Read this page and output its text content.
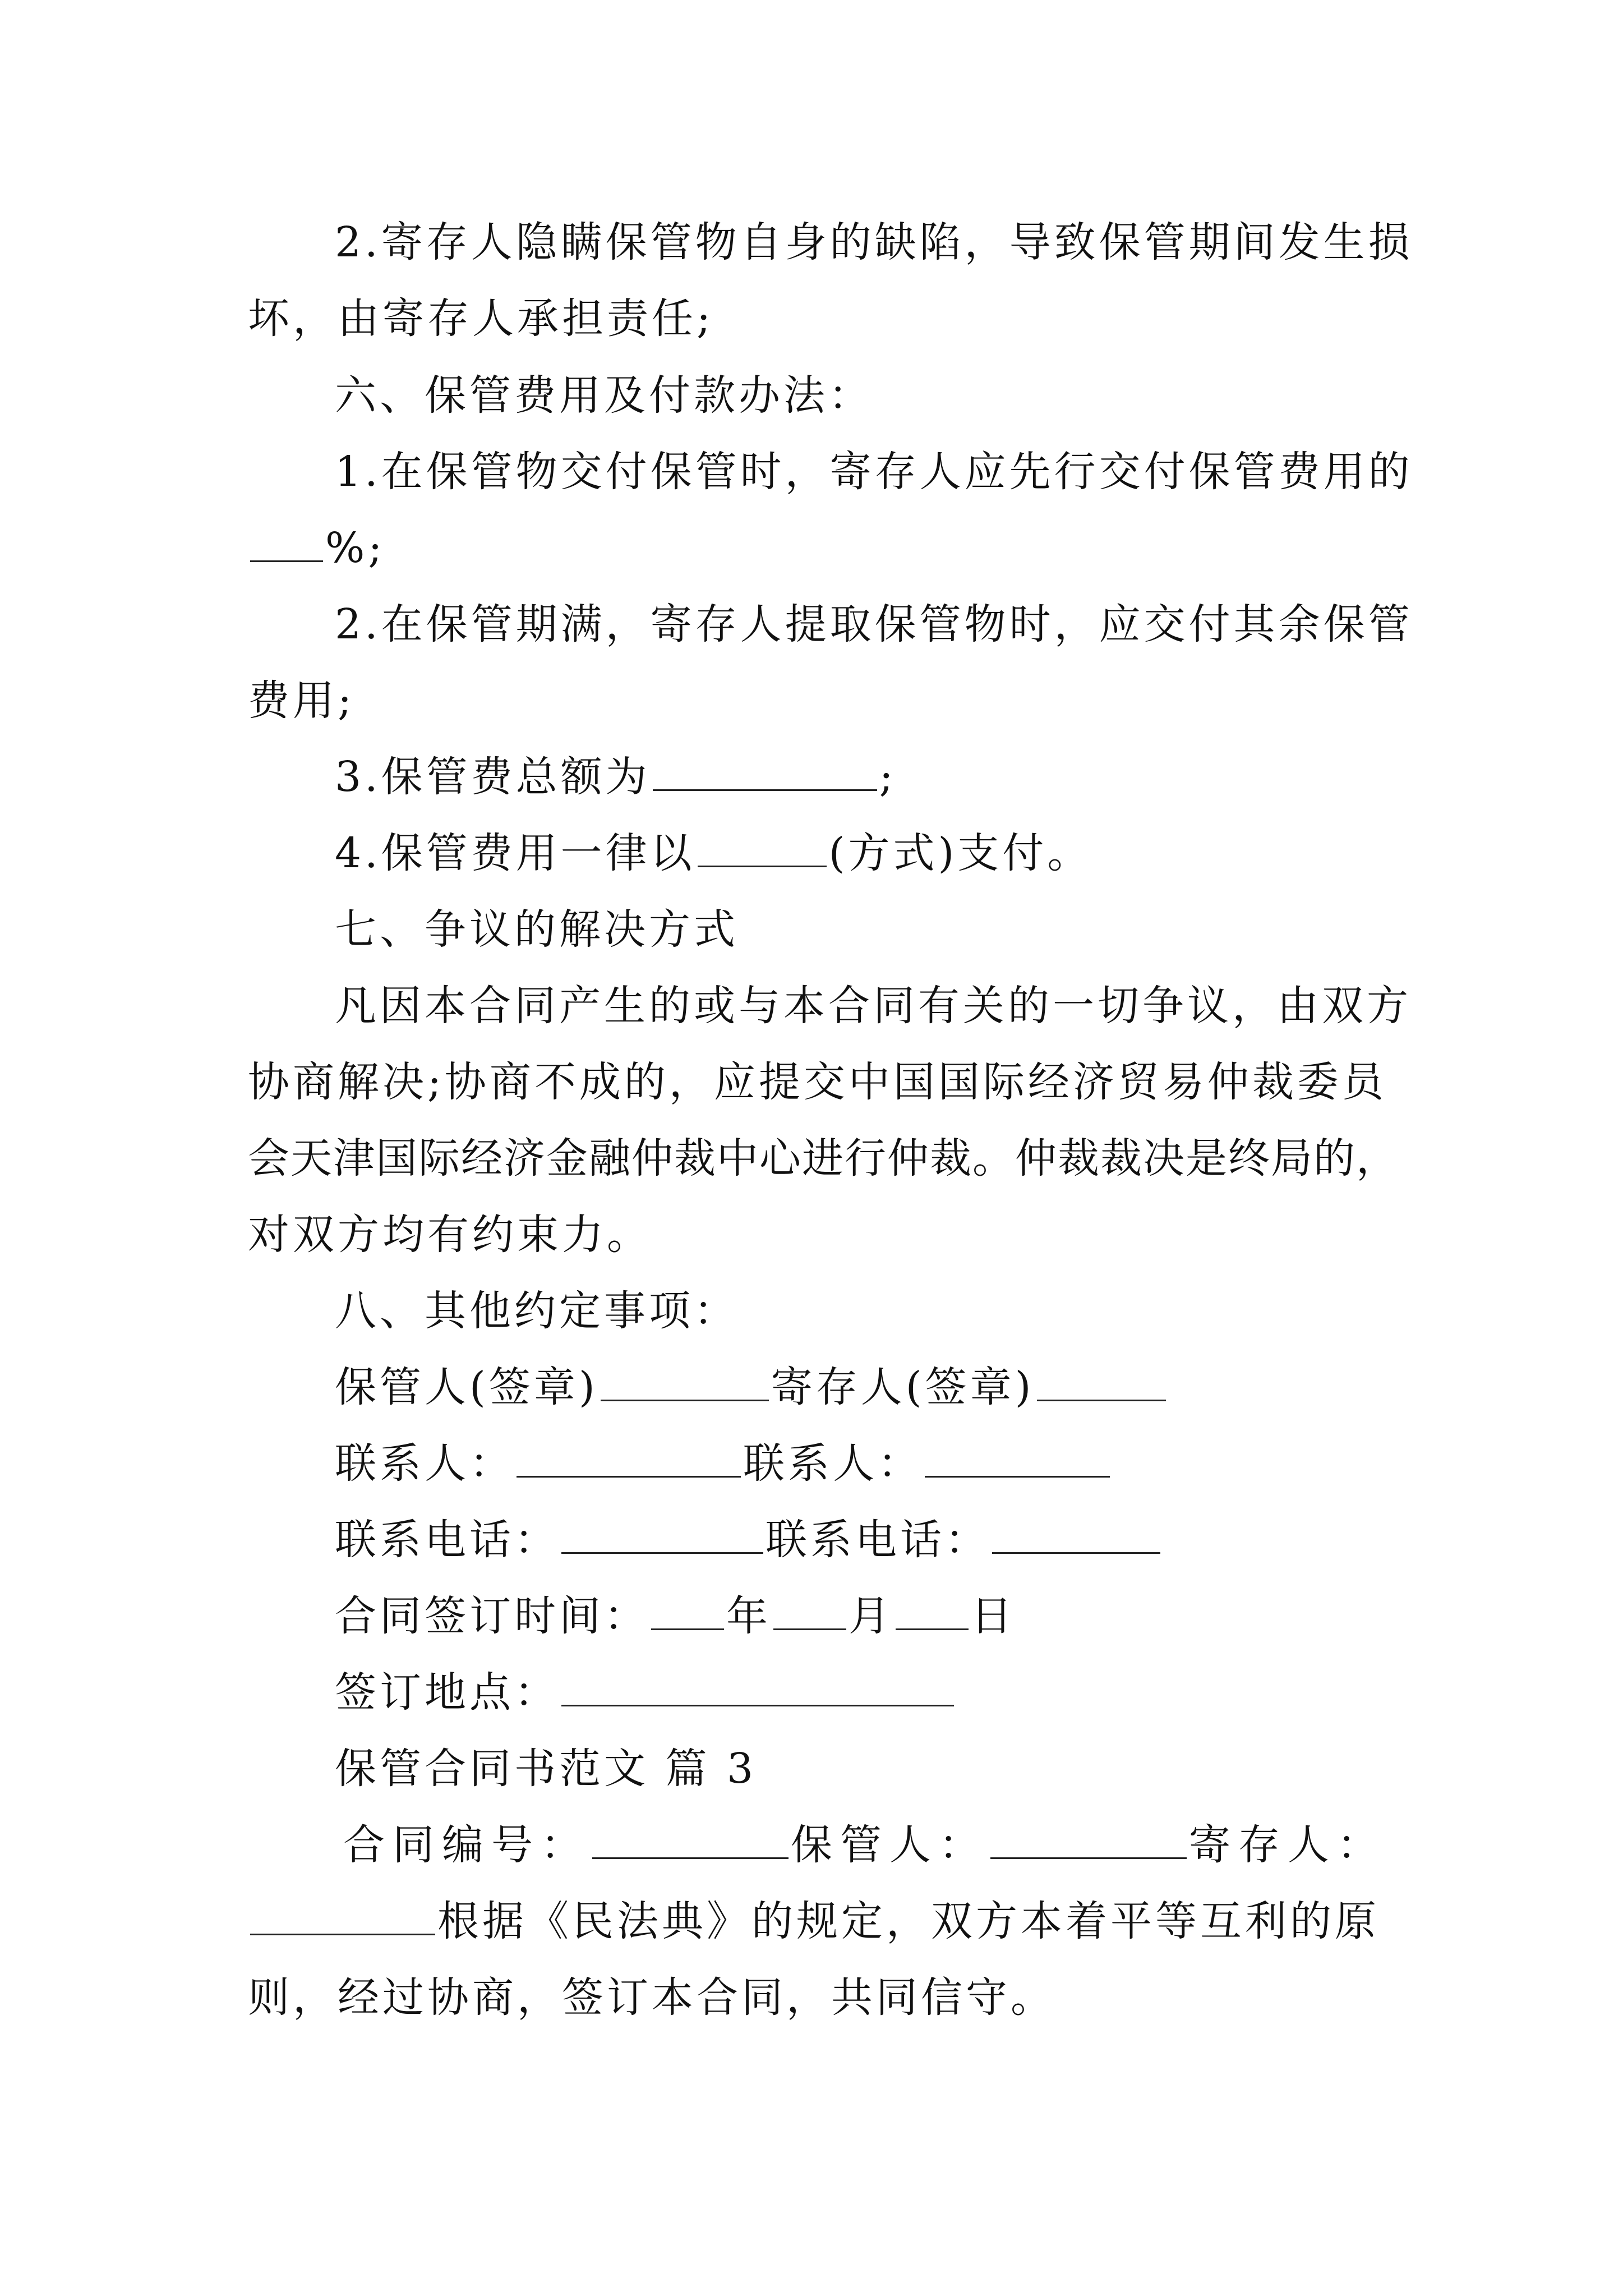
2.寄存人隐瞒保管物自身的缺陷，导致保管期间发生损
坏，由寄存人承担责任;
六、保管费用及付款办法：
1.在保管物交付保管时，寄存人应先行交付保管费用的
%;
2.在保管期满，寄存人提取保管物时，应交付其余保管
费用;
3.保管费总额为	;
4.保管费用一律以	(方式)支付。
七、争议的解决方式
凡因本合同产生的或与本合同有关的一切争议，由双方
协商解决;协商不成的，应提交中国国际经济贸易仲裁委员
会天津国际经济金融仲裁中心进行仲裁。仲裁裁决是终局的，
对双方均有约束力。
八、其他约定事项：
保管人(签章)	寄存人(签章)
联系人：	联系人：
联系电话：	联系电话：
合同签订时间： 年 月 日
签订地点：
保管合同书范文 篇 3
合同编号：	保管人：	寄存人：
根据《民法典》的规定，双方本着平等互利的原
则，经过协商，签订本合同，共同信守。
